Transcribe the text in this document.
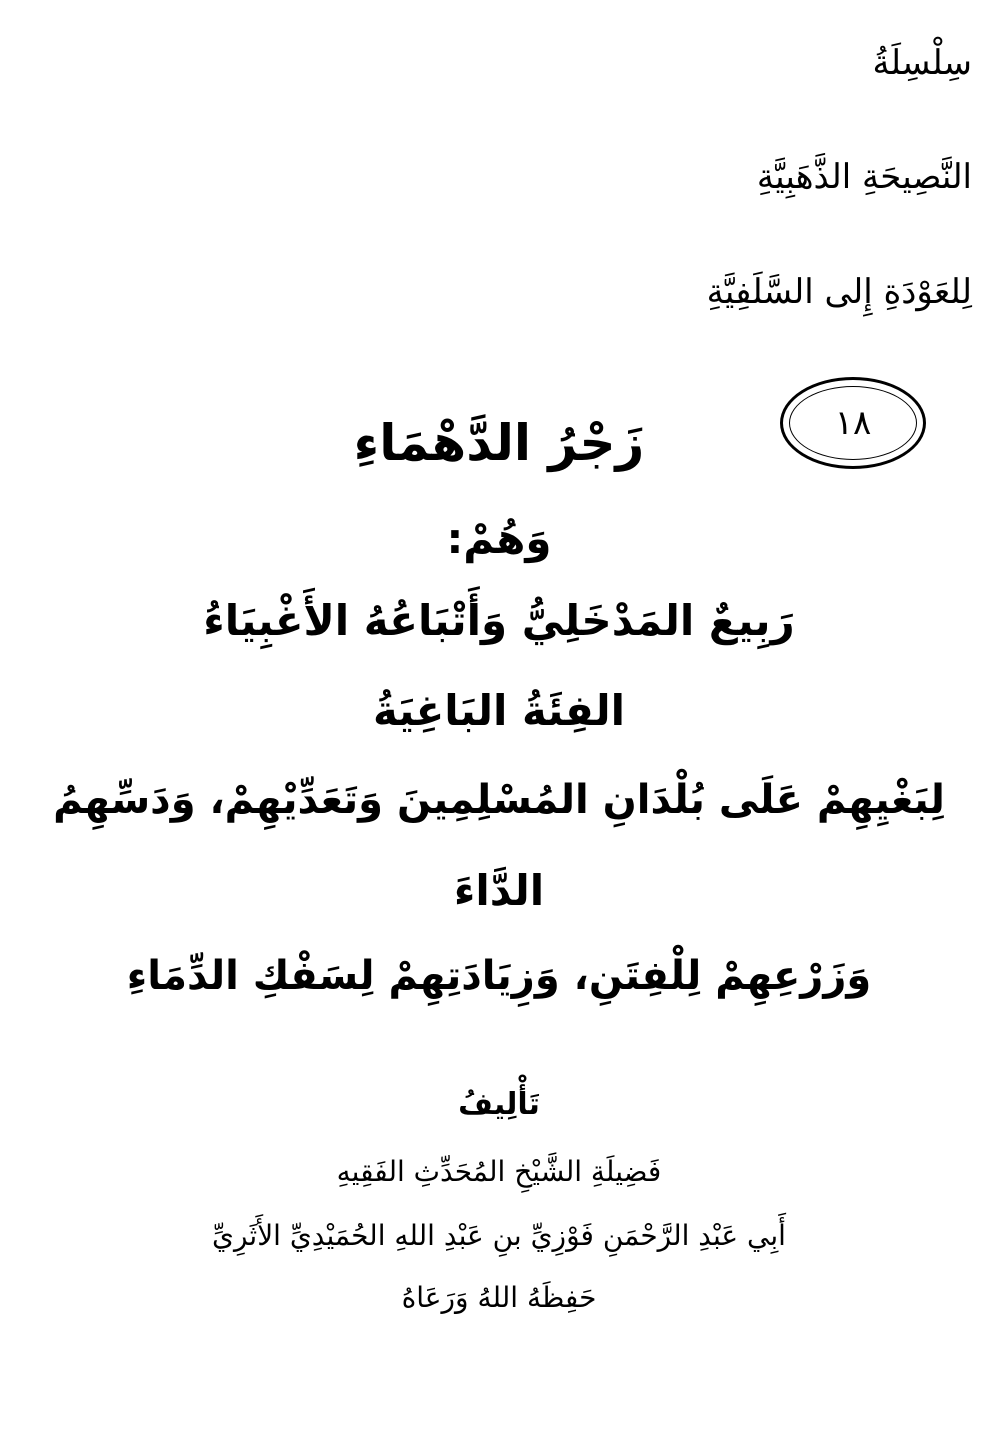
سِلْسِلَةُ
النَّصِيحَةِ الذَّهَبِيَّةِ
لِلعَوْدَةِ إِلى السَّلَفِيَّةِ
١٨
زَجْرُ الدَّهْمَاءِ
وَهُمْ:
رَبِيعٌ المَدْخَلِيُّ وَأَتْبَاعُهُ الأَغْبِيَاءُ
الفِئَةُ البَاغِيَةُ
لِبَغْيِهِمْ عَلَى بُلْدَانِ المُسْلِمِينَ وَتَعَدِّيْهِمْ، وَدَسِّهِمُ
الدَّاءَ
وَزَرْعِهِمْ لِلْفِتَنِ، وَزِيَادَتِهِمْ لِسَفْكِ الدِّمَاءِ
تَأْلِيفُ
فَضِيلَةِ الشَّيْخِ المُحَدِّثِ الفَقِيهِ
أَبِي عَبْدِ الرَّحْمَنِ فَوْزِيِّ بنِ عَبْدِ اللهِ الحُمَيْدِيِّ الأَثَرِيِّ
حَفِظَهُ اللهُ وَرَعَاهُ
